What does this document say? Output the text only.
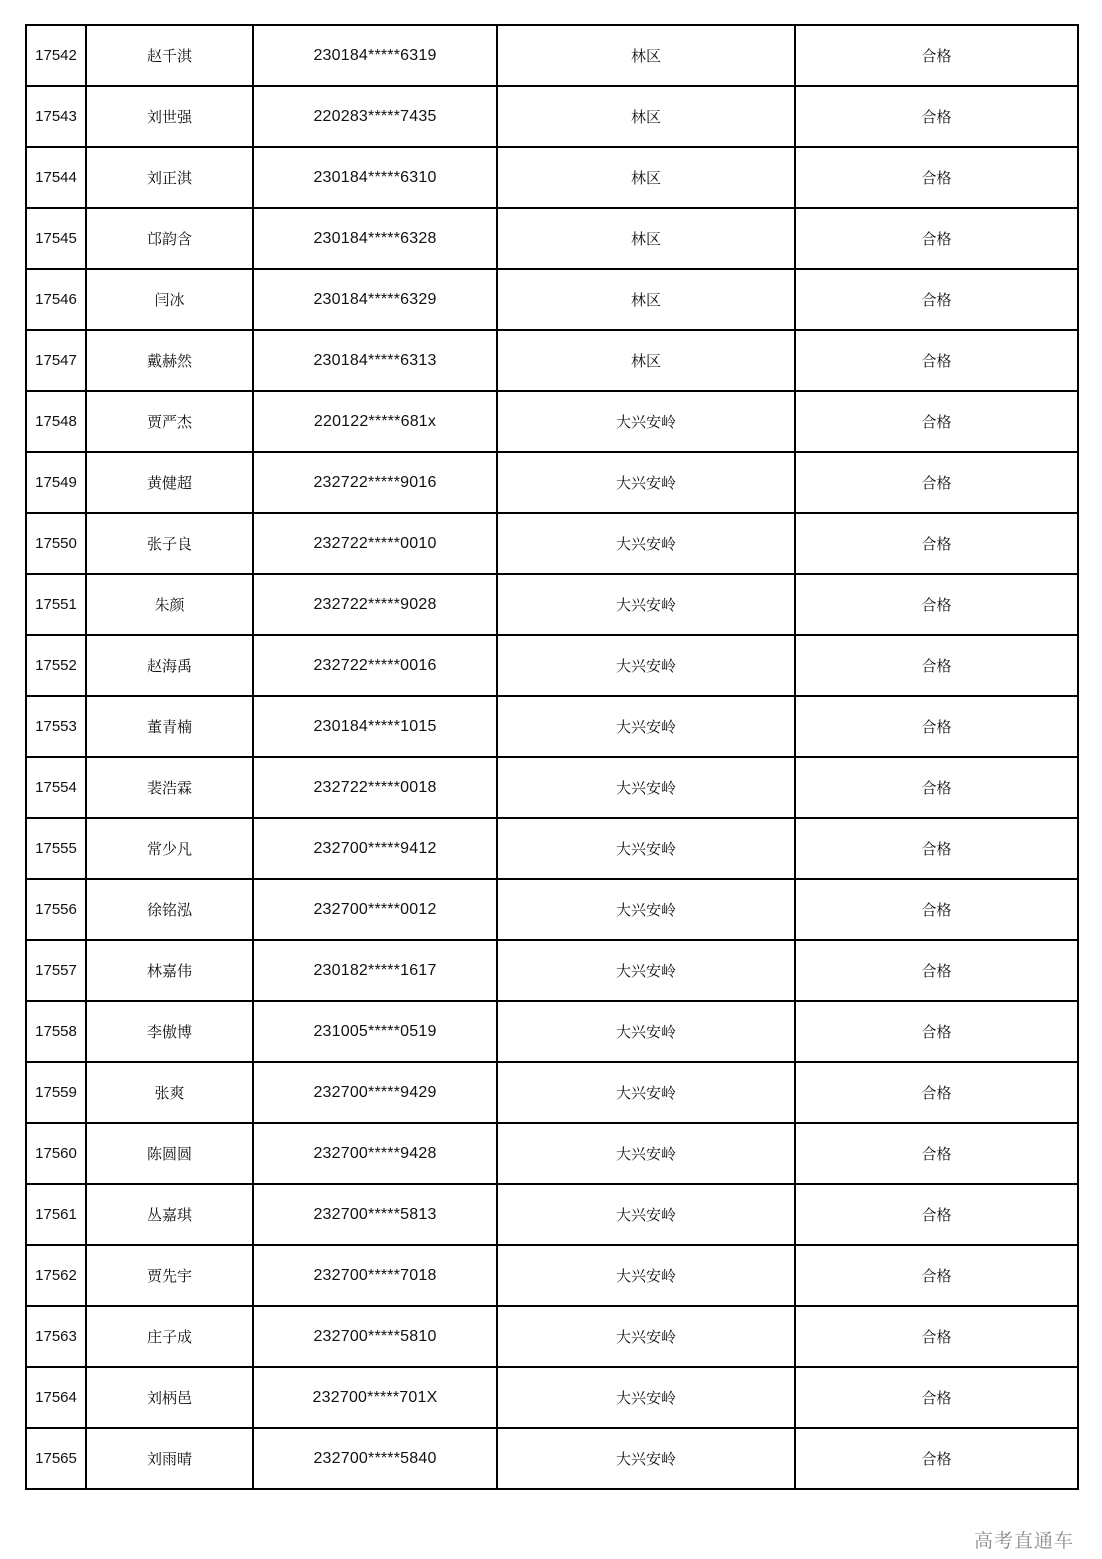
17542	赵千淇	230184*****6319	林区	合格
17543	刘世强	220283*****7435	林区	合格
17544	刘正淇	230184*****6310	林区	合格
17545	邙韵含	230184*****6328	林区	合格
17546	闫冰	230184*****6329	林区	合格
17547	戴赫然	230184*****6313	林区	合格
17548	贾严杰	220122*****681x	大兴安岭	合格
17549	黄健超	232722*****9016	大兴安岭	合格
17550	张子良	232722*****0010	大兴安岭	合格
17551	朱颜	232722*****9028	大兴安岭	合格
17552	赵海禹	232722*****0016	大兴安岭	合格
17553	董青楠	230184*****1015	大兴安岭	合格
17554	裴浩霖	232722*****0018	大兴安岭	合格
17555	常少凡	232700*****9412	大兴安岭	合格
17556	徐铭泓	232700*****0012	大兴安岭	合格
17557	林嘉伟	230182*****1617	大兴安岭	合格
17558	李傲博	231005*****0519	大兴安岭	合格
17559	张爽	232700*****9429	大兴安岭	合格
17560	陈圆圆	232700*****9428	大兴安岭	合格
17561	丛嘉琪	232700*****5813	大兴安岭	合格
17562	贾先宇	232700*****7018	大兴安岭	合格
17563	庄子成	232700*****5810	大兴安岭	合格
17564	刘柄邑	232700*****701X	大兴安岭	合格
17565	刘雨晴	232700*****5840	大兴安岭	合格
高考直通车
